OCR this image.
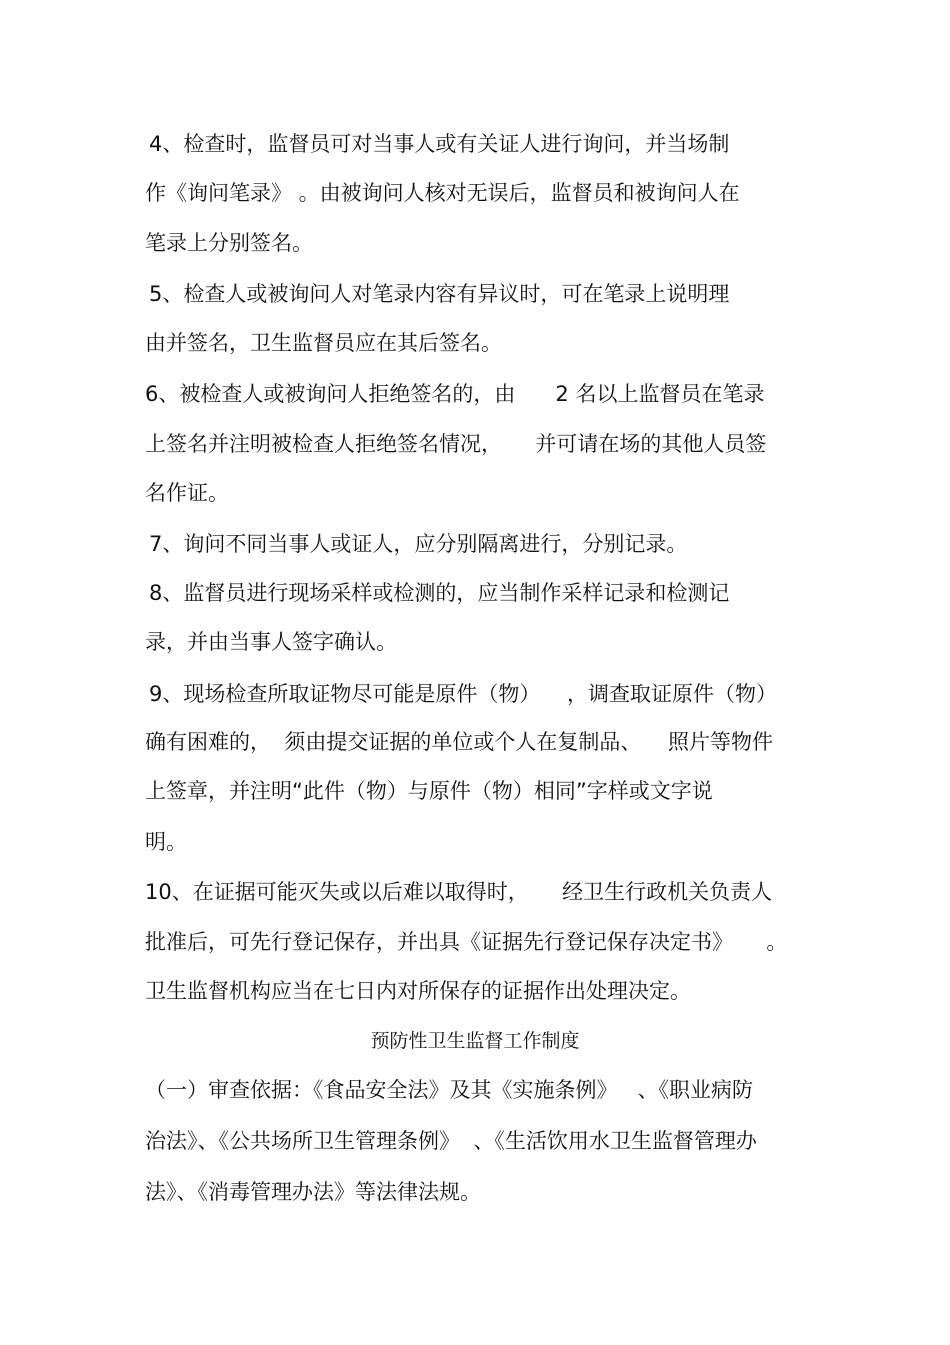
4、检查时，监督员可对当事人或有关证人进行询问，并当场制
作《询问笔录》 。由被询问人核对无误后，监督员和被询问人在
笔录上分别签名。
5、检查人或被询问人对笔录内容有异议时，可在笔录上说明理
由并签名，卫生监督员应在其后签名。
6、被检查人或被询问人拒绝签名的，由      2 名以上监督员在笔录
上签名并注明被检查人拒绝签名情况，     并可请在场的其他人员签
名作证。
7、询问不同当事人或证人，应分别隔离进行，分别记录。
8、监督员进行现场采样或检测的，应当制作采样记录和检测记
录，并由当事人签字确认。
9、现场检查所取证物尽可能是原件（物）    ，调查取证原件（物）
确有困难的，  须由提交证据的单位或个人在复制品、    照片等物件
上签章，并注明“此件（物）与原件（物）相同”字样或文字说
明。
10、在证据可能灭失或以后难以取得时，     经卫生行政机关负责人
批准后，可先行登记保存，并出具《证据先行登记保存决定书》     。
卫生监督机构应当在七日内对所保存的证据作出处理决定。
预防性卫生监督工作制度
（一）审查依据：《食品安全法》及其《实施条例》   、《职业病防
治法》、《公共场所卫生管理条例》  、《生活饮用水卫生监督管理办
法》、《消毒管理办法》等法律法规。
